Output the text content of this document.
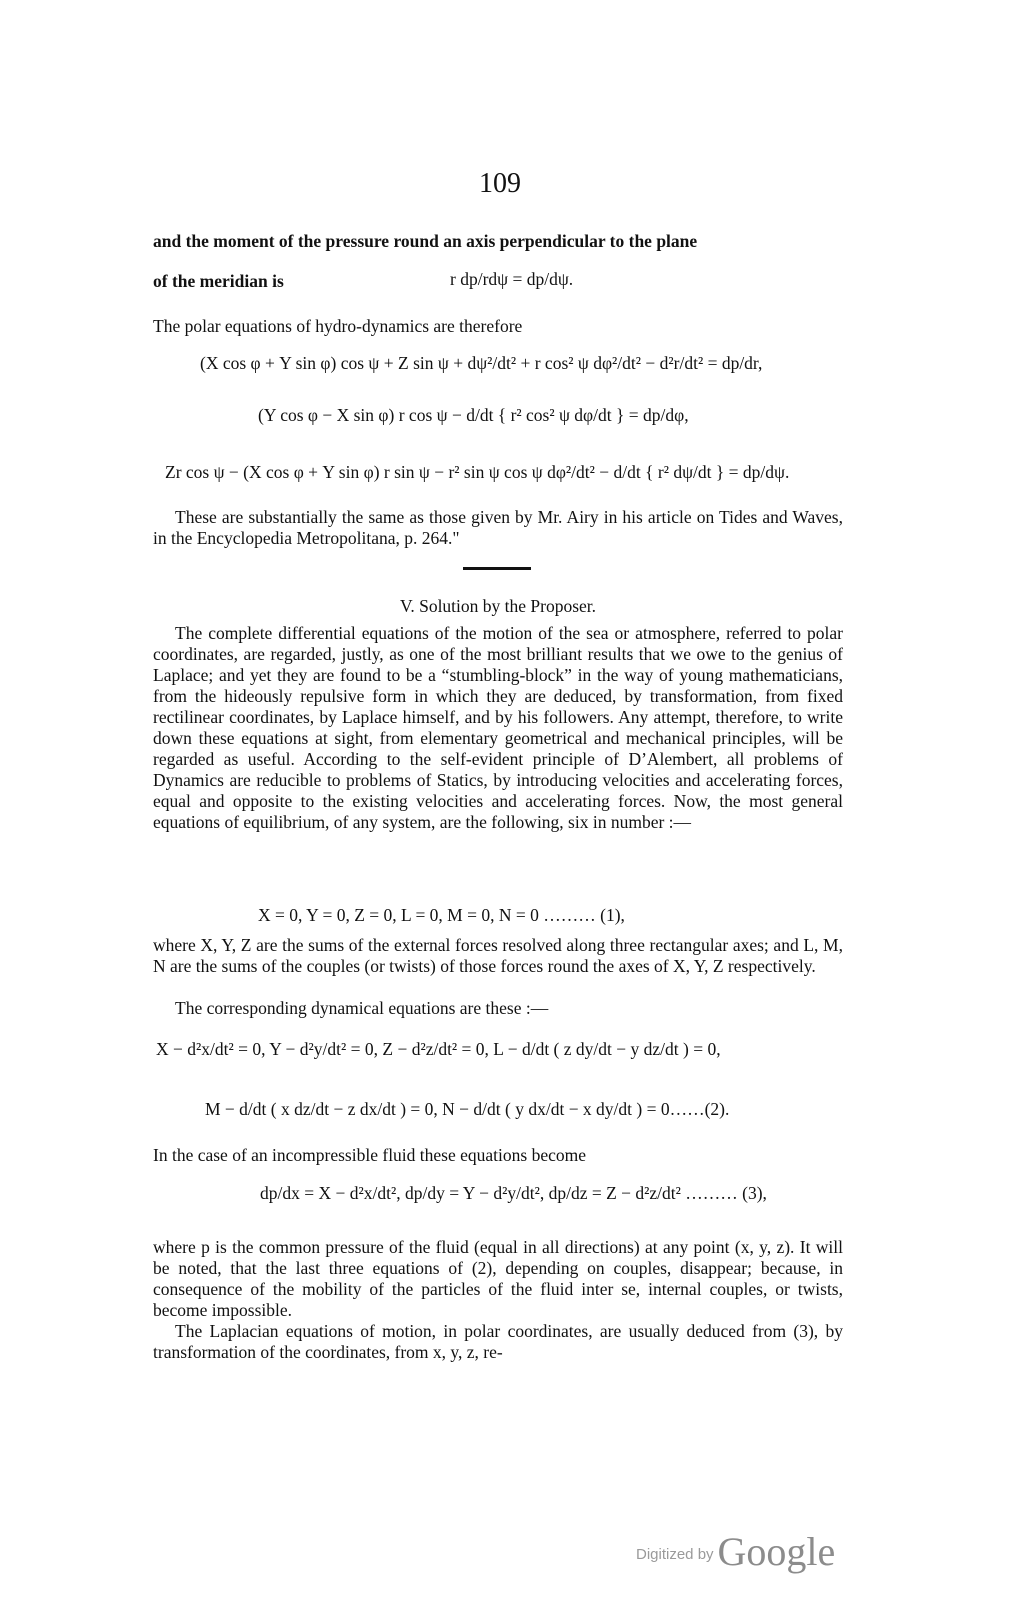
109
and the moment of the pressure round an axis perpendicular to the plane
of the meridian is	r dp/rdψ = dp/dψ.
The polar equations of hydro-dynamics are therefore
(X cos φ + Y sin φ) cos ψ + Z sin ψ + dψ²/dt² + r cos² ψ dφ²/dt² − d²r/dt² = dp/dr,
(Y cos φ − X sin φ) r cos ψ − d/dt { r² cos² ψ dφ/dt } = dp/dφ,
Zr cos ψ − (X cos φ + Y sin φ) r sin ψ − r² sin ψ cos ψ dφ²/dt² − d/dt { r² dψ/dt } = dp/dψ.
These are substantially the same as those given by Mr. Airy in his article on Tides and Waves, in the Encyclopedia Metropolitana, p. 264."
V. Solution by the Proposer.
The complete differential equations of the motion of the sea or atmosphere, referred to polar coordinates, are regarded, justly, as one of the most brilliant results that we owe to the genius of Laplace; and yet they are found to be a “stumbling-block” in the way of young mathematicians, from the hideously repulsive form in which they are deduced, by transformation, from fixed rectilinear coordinates, by Laplace himself, and by his followers. Any attempt, therefore, to write down these equations at sight, from elementary geometrical and mechanical principles, will be regarded as useful. According to the self-evident principle of D’Alembert, all problems of Dynamics are reducible to problems of Statics, by introducing velocities and accelerating forces, equal and opposite to the existing velocities and accelerating forces. Now, the most general equations of equilibrium, of any system, are the following, six in number :—
X = 0, Y = 0, Z = 0, L = 0, M = 0, N = 0 ……… (1),
where X, Y, Z are the sums of the external forces resolved along three rectangular axes; and L, M, N are the sums of the couples (or twists) of those forces round the axes of X, Y, Z respectively.
The corresponding dynamical equations are these :—
X − d²x/dt² = 0, Y − d²y/dt² = 0, Z − d²z/dt² = 0, L − d/dt ( z dy/dt − y dz/dt ) = 0,
M − d/dt ( x dz/dt − z dx/dt ) = 0, N − d/dt ( y dx/dt − x dy/dt ) = 0……(2).
In the case of an incompressible fluid these equations become
dp/dx = X − d²x/dt², dp/dy = Y − d²y/dt², dp/dz = Z − d²z/dt² ……… (3),
where p is the common pressure of the fluid (equal in all directions) at any point (x, y, z). It will be noted, that the last three equations of (2), depending on couples, disappear; because, in consequence of the mobility of the particles of the fluid inter se, internal couples, or twists, become impossible.
The Laplacian equations of motion, in polar coordinates, are usually deduced from (3), by transformation of the coordinates, from x, y, z, re-
Digitized by Google
